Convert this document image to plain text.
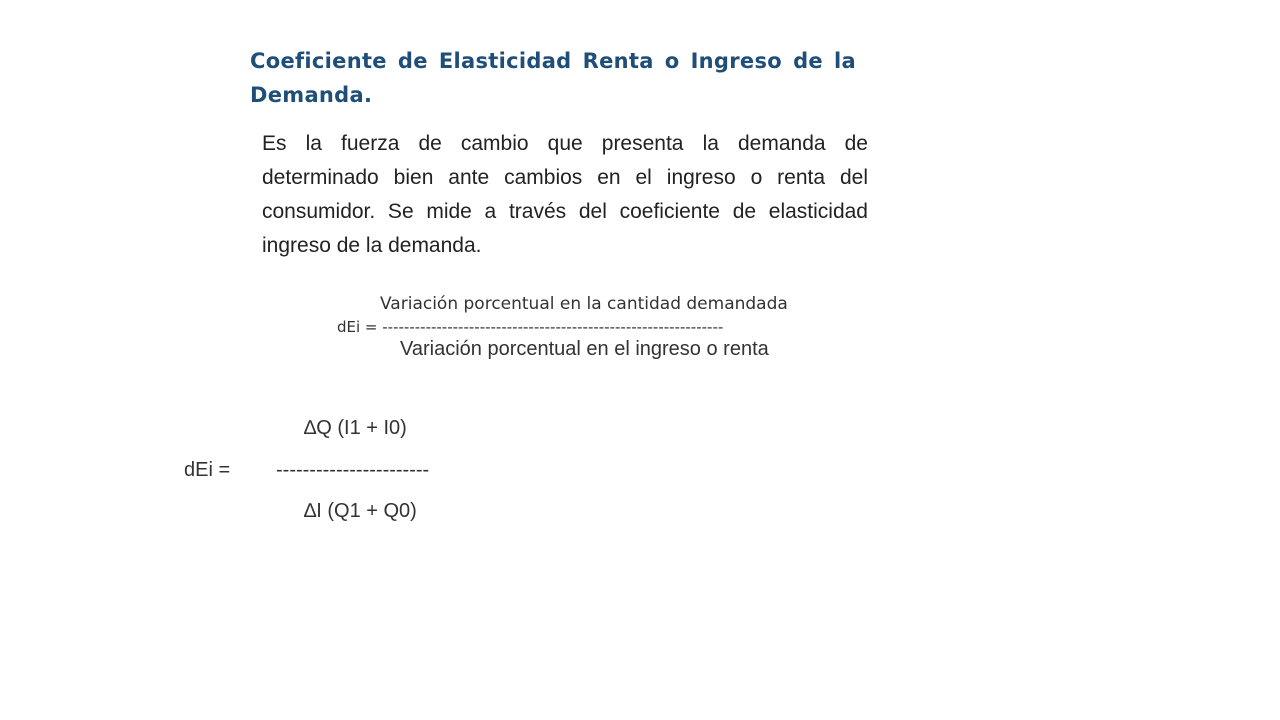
Coeficiente de Elasticidad Renta o Ingreso de la Demanda.

Es la fuerza de cambio que presenta la demanda de determinado bien ante cambios en el ingreso o renta del consumidor. Se mide a través del coeficiente de elasticidad ingreso de la demanda.

Variación porcentual en la cantidad demandada
dEi = ---------------------------------------------------------------
Variación porcentual en el ingreso o renta
∆Q (I1 + I0)
dEi = -----------------------
∆I (Q1 + Q0)
